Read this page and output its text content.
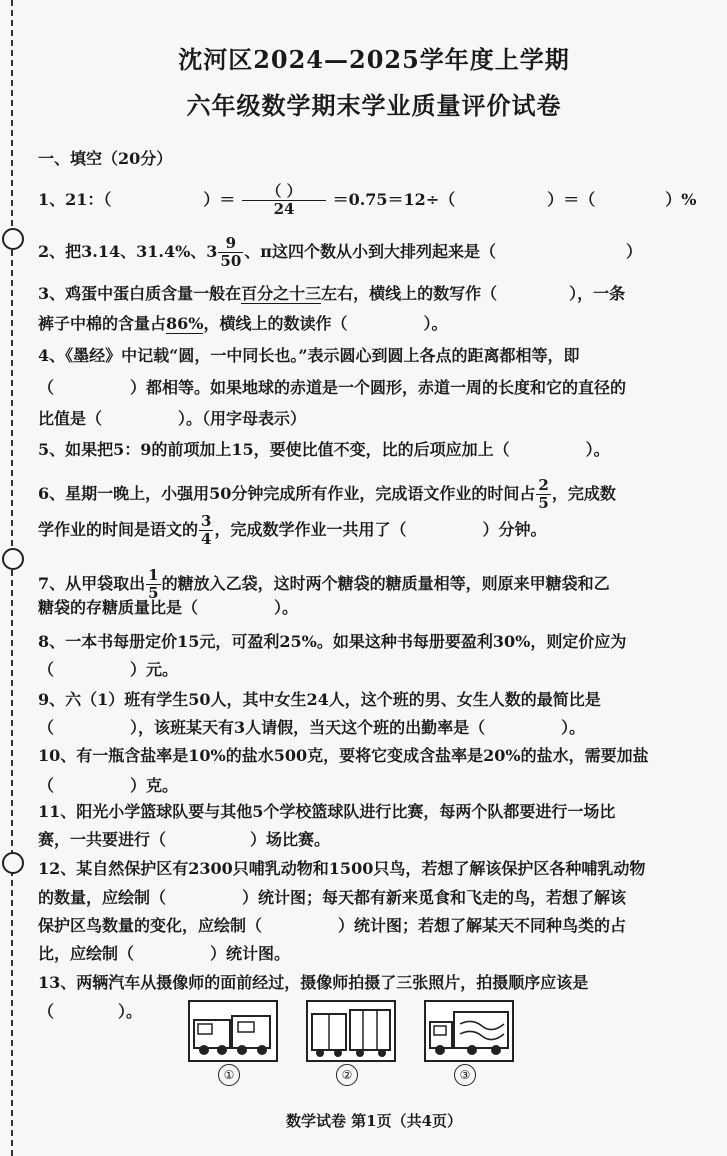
沈河区2024—2025学年度上学期
六年级数学期末学业质量评价试卷
一、填空（20分）
1、21：（	）＝ $\frac{( )}{24} =0.75=12\div$（	）＝（	）%
2、把3.14、31.4%、$3 \frac{9}{50}$ 、π这四个数从小到大排列起来是（	）
3、鸡蛋中蛋白质含量一般在百分之十三左右，横线上的数写作（	），一条
裤子中棉的含量占86%，横线上的数读作（	）。
4、《墨经》中记载“圆，一中同长也。”表示圆心到圆上各点的距离都相等，即
（	）都相等。如果地球的赤道是一个圆形，赤道一周的长度和它的直径的
比值是（	）。（用字母表示）
5、如果把5：9的前项加上15，要使比值不变，比的后项应加上（	）。
6、星期一晚上，小强用50分钟完成所有作业，完成语文作业的时间占 $\frac{2}{5}$ ，完成数
学作业的时间是语文的 $\frac{3}{4}$ ，完成数学作业一共用了（	）分钟。
7、从甲袋取出 $\frac{1}{5}$ 的糖放入乙袋，这时两个糖袋的糖质量相等，则原来甲糖袋和乙
糖袋的存糖质量比是（	）。
8、一本书每册定价15元，可盈利25%。如果这种书每册要盈利30%，则定价应为
（	）元。
9、六（1）班有学生50人，其中女生24人，这个班的男、女生人数的最简比是
（	），该班某天有3人请假，当天这个班的出勤率是（	）。
10、有一瓶含盐率是10%的盐水500克，要将它变成含盐率是20%的盐水，需要加盐
（	）克。
11、阳光小学篮球队要与其他5个学校篮球队进行比赛，每两个队都要进行一场比
赛，一共要进行（	）场比赛。
12、某自然保护区有2300只哺乳动物和1500只鸟，若想了解该保护区各种哺乳动物
的数量，应绘制（	）统计图；每天都有新来觅食和飞走的鸟，若想了解该
保护区鸟数量的变化，应绘制（	）统计图；若想了解某天不同种鸟类的占
比，应绘制（	）统计图。
13、两辆汽车从摄像师的面前经过，摄像师拍摄了三张照片，拍摄顺序应该是
（	）。
①	②	③
数学试卷 第1页（共4页）
